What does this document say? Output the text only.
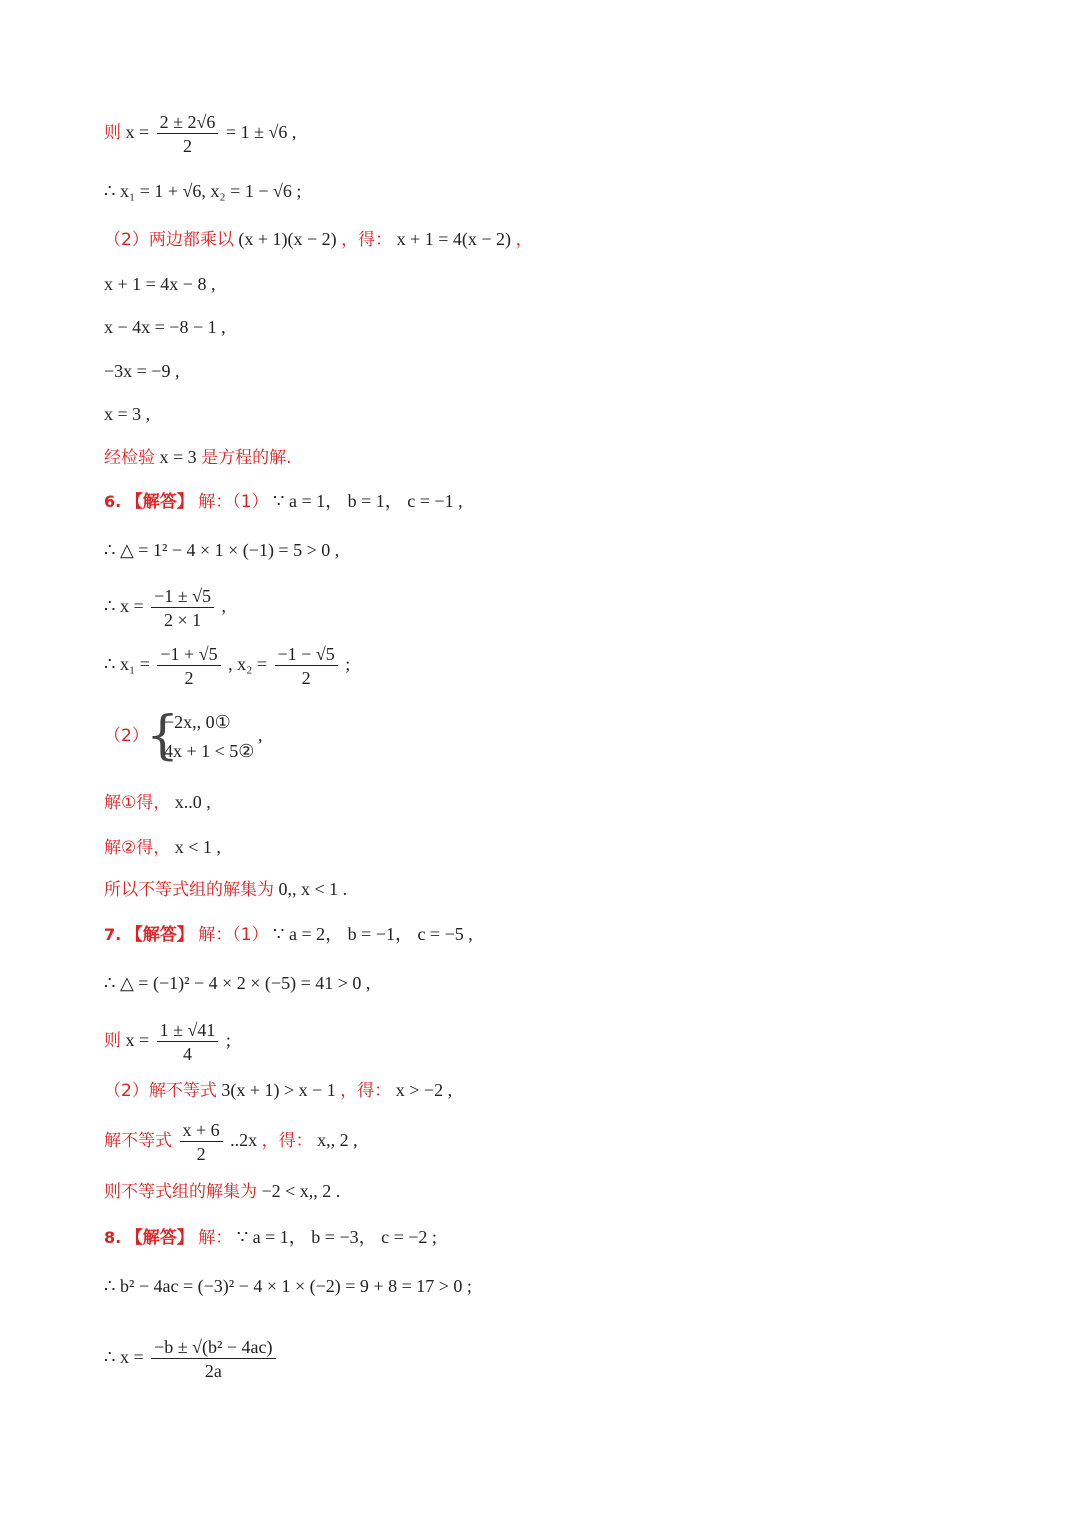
则 $x = \frac{2 \pm 2√6}{2} = 1 \pm √6$ ,
∴ x₁ = 1 + √6, x₂ = 1 − √6 ;
（2）两边都乘以 (x + 1)(x − 2) ，得： x + 1 = 4(x − 2) ，
x + 1 = 4x − 8 ,
x − 4x = −8 − 1 ,
−3x = −9 ,
x = 3 ,
经检验 x = 3 是方程的解.
6. 【解答】 解：（1） ∵ a = 1， b = 1， c = −1 ,
∴ △ = 1² − 4 × 1 × (−1) = 5 > 0 ,
∴ $x = \frac{-1 \pm √5}{2 \times 1}$ ,
∴ $x_1 = \frac{-1 + √5}{2}$ , $x_2 = \frac{-1 - √5}{2}$ ;
（2）
{
−2x,, 0①
4x + 1 < 5②
,
解①得， x..0 ,
解②得， x < 1 ,
所以不等式组的解集为 0,, x < 1 .
7. 【解答】 解：（1） ∵ a = 2， b = −1， c = −5 ,
∴ △ = (−1)² − 4 × 2 × (−5) = 41 > 0 ,
则 $x = \frac{1 \pm √41}{4}$ ;
（2）解不等式 3(x + 1) > x − 1 ，得： x > −2 ,
解不等式 $\frac{x + 6}{2} ..2x$ ，得： x,, 2 ,
则不等式组的解集为 −2 < x,, 2 .
8. 【解答】 解： ∵ a = 1， b = −3， c = −2 ;
∴ b² − 4ac = (−3)² − 4 × 1 × (−2) = 9 + 8 = 17 > 0 ;
∴ $x = \frac{\text{−b ± √(b² − 4ac)}}{2a}$
